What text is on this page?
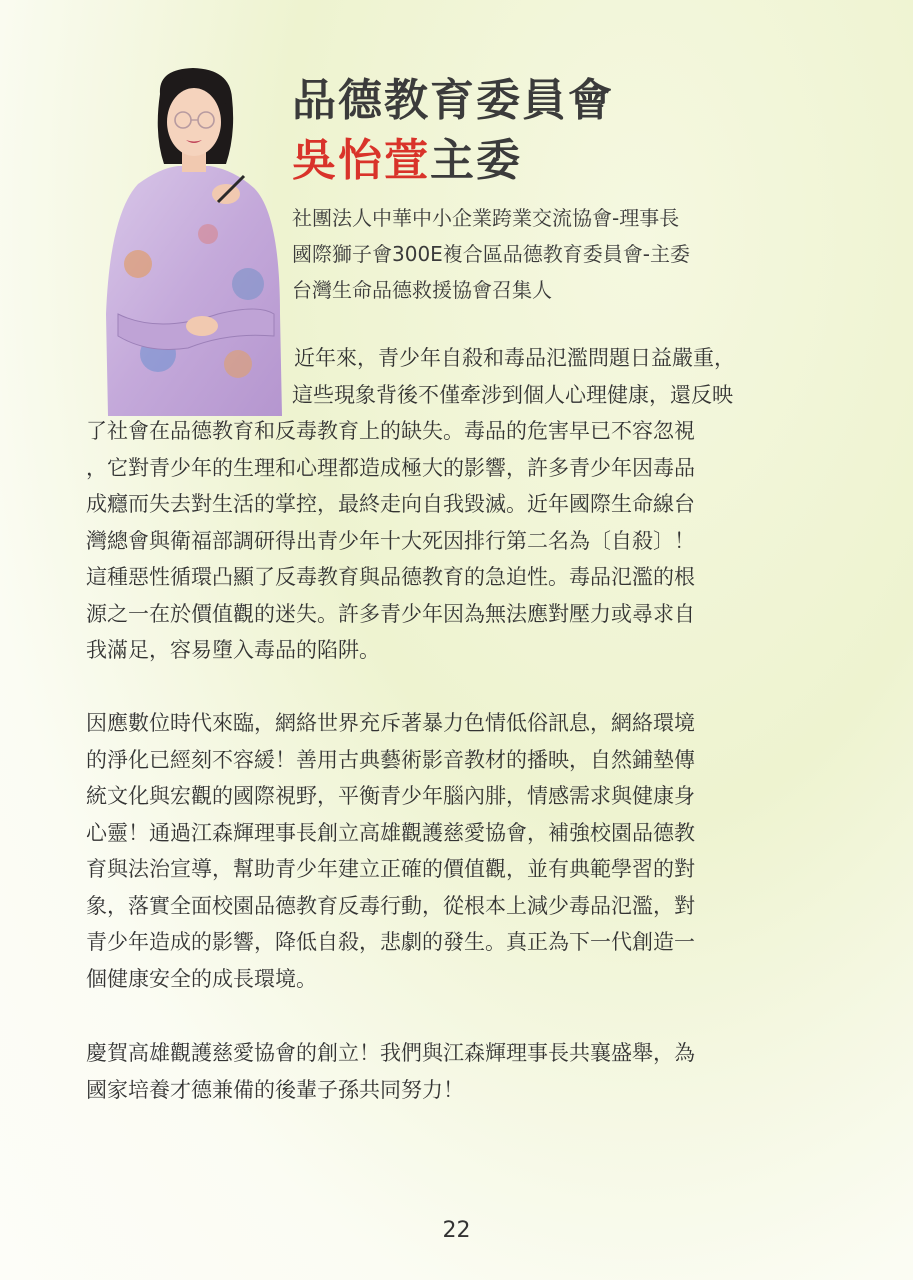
品德教育委員會
吳怡萱主委
社團法人中華中小企業跨業交流協會-理事長
國際獅子會300E複合區品德教育委員會-主委
台灣生命品德救援協會召集人
近年來，青少年自殺和毒品氾濫問題日益嚴重，
這些現象背後不僅牽涉到個人心理健康，還反映
了社會在品德教育和反毒教育上的缺失。毒品的危害早已不容忽視
，它對青少年的生理和心理都造成極大的影響，許多青少年因毒品
成癮而失去對生活的掌控，最終走向自我毀滅。近年國際生命線台
灣總會與衛福部調研得出青少年十大死因排行第二名為〔自殺〕！
這種惡性循環凸顯了反毒教育與品德教育的急迫性。毒品氾濫的根
源之一在於價值觀的迷失。許多青少年因為無法應對壓力或尋求自
我滿足，容易墮入毒品的陷阱。
因應數位時代來臨，網絡世界充斥著暴力色情低俗訊息，網絡環境
的淨化已經刻不容緩！善用古典藝術影音教材的播映，自然鋪墊傳
統文化與宏觀的國際視野，平衡青少年腦內腓，情感需求與健康身
心靈！通過江森輝理事長創立高雄觀護慈愛協會，補強校園品德教
育與法治宣導，幫助青少年建立正確的價值觀，並有典範學習的對
象，落實全面校園品德教育反毒行動，從根本上減少毒品氾濫，對
青少年造成的影響，降低自殺，悲劇的發生。真正為下一代創造一
個健康安全的成長環境。
慶賀高雄觀護慈愛協會的創立！我們與江森輝理事長共襄盛舉，為
國家培養才德兼備的後輩子孫共同努力！
22
